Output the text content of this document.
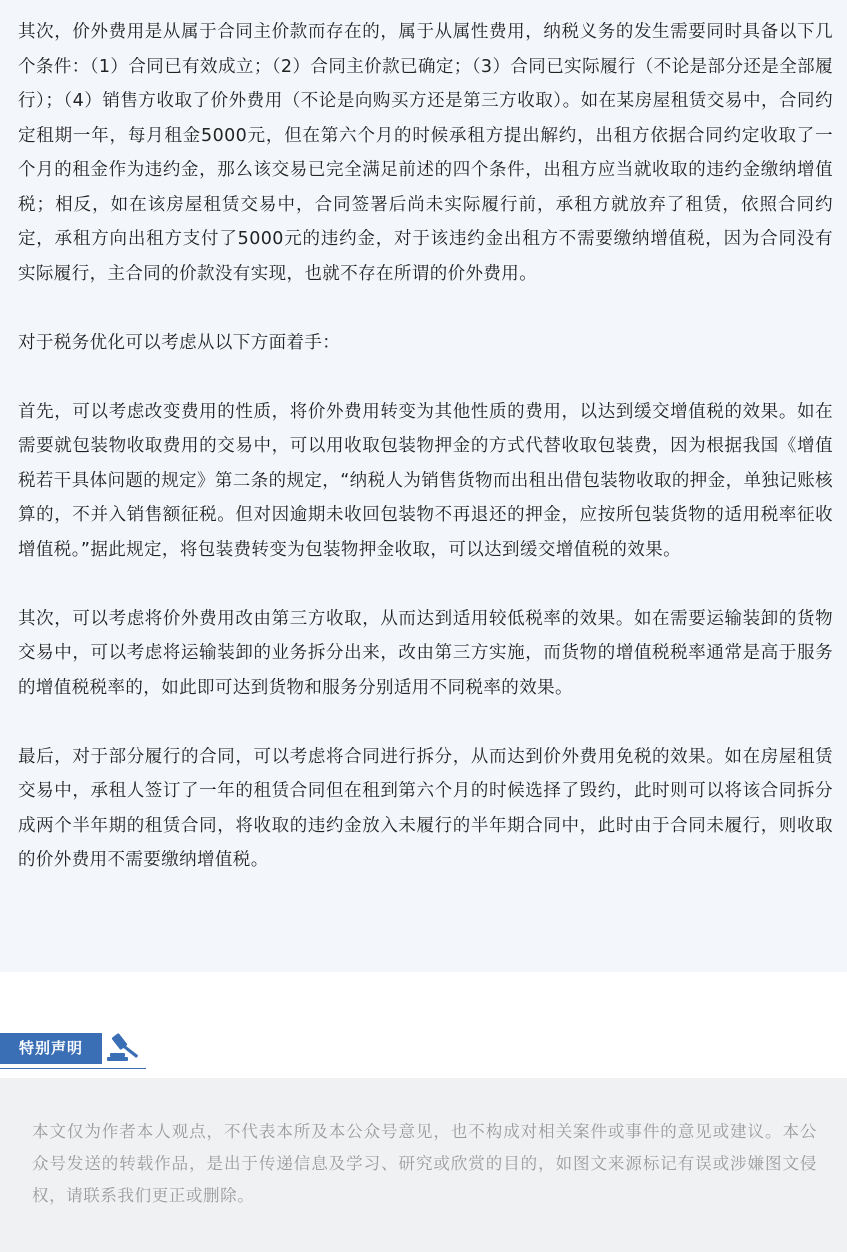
其次，价外费用是从属于合同主价款而存在的，属于从属性费用，纳税义务的发生需要同时具备以下几个条件：（1）合同已有效成立；（2）合同主价款已确定；（3）合同已实际履行（不论是部分还是全部履行）；（4）销售方收取了价外费用（不论是向购买方还是第三方收取）。如在某房屋租赁交易中，合同约定租期一年，每月租金5000元，但在第六个月的时候承租方提出解约，出租方依据合同约定收取了一个月的租金作为违约金，那么该交易已完全满足前述的四个条件，出租方应当就收取的违约金缴纳增值税；相反，如在该房屋租赁交易中，合同签署后尚未实际履行前，承租方就放弃了租赁，依照合同约定，承租方向出租方支付了5000元的违约金，对于该违约金出租方不需要缴纳增值税，因为合同没有实际履行，主合同的价款没有实现，也就不存在所谓的价外费用。

对于税务优化可以考虑从以下方面着手：

首先，可以考虑改变费用的性质，将价外费用转变为其他性质的费用，以达到缓交增值税的效果。如在需要就包装物收取费用的交易中，可以用收取包装物押金的方式代替收取包装费，因为根据我国《增值税若干具体问题的规定》第二条的规定，“纳税人为销售货物而出租出借包装物收取的押金，单独记账核算的，不并入销售额征税。但对因逾期未收回包装物不再退还的押金，应按所包装货物的适用税率征收增值税。”据此规定，将包装费转变为包装物押金收取，可以达到缓交增值税的效果。

其次，可以考虑将价外费用改由第三方收取，从而达到适用较低税率的效果。如在需要运输装卸的货物交易中，可以考虑将运输装卸的业务拆分出来，改由第三方实施，而货物的增值税税率通常是高于服务的增值税税率的，如此即可达到货物和服务分别适用不同税率的效果。

最后，对于部分履行的合同，可以考虑将合同进行拆分，从而达到价外费用免税的效果。如在房屋租赁交易中，承租人签订了一年的租赁合同但在租到第六个月的时候选择了毁约，此时则可以将该合同拆分成两个半年期的租赁合同，将收取的违约金放入未履行的半年期合同中，此时由于合同未履行，则收取的价外费用不需要缴纳增值税。

特别声明

本文仅为作者本人观点，不代表本所及本公众号意见，也不构成对相关案件或事件的意见或建议。本公众号发送的转载作品，是出于传递信息及学习、研究或欣赏的目的，如图文来源标记有误或涉嫌图文侵权，请联系我们更正或删除。
